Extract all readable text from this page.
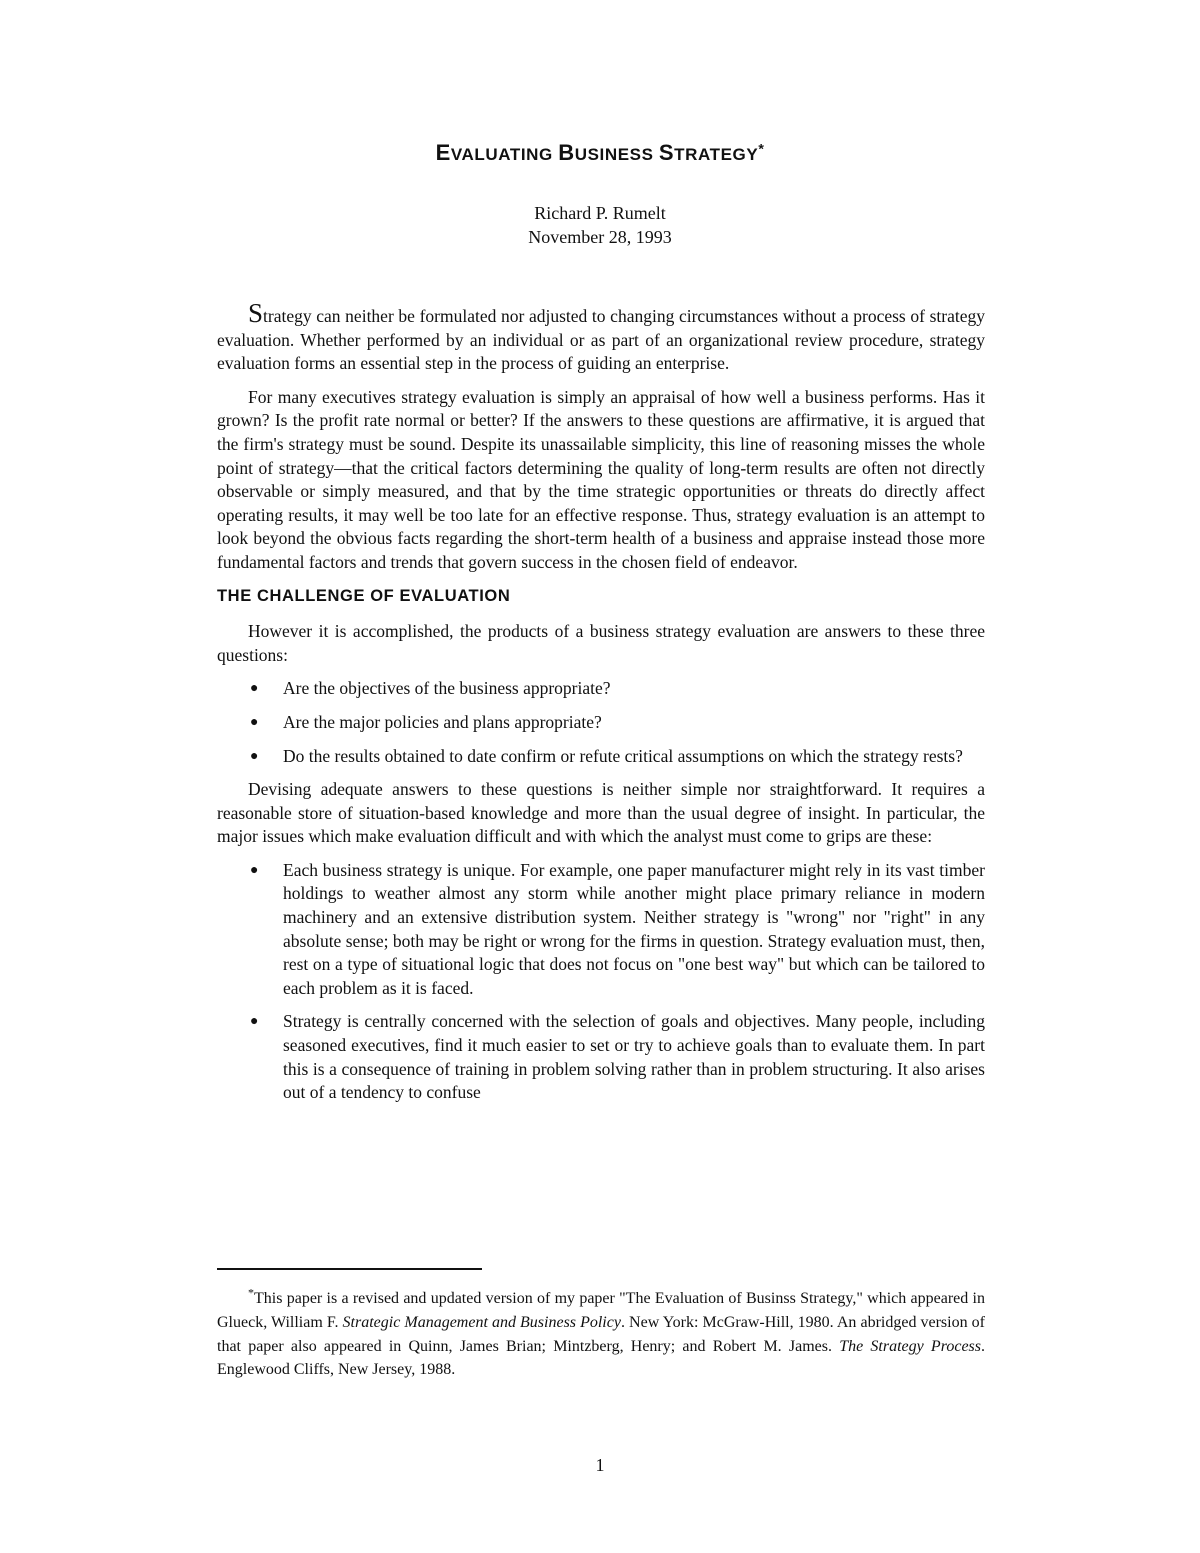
EVALUATING BUSINESS STRATEGY*

Richard P. Rumelt

November 28, 1993

Strategy can neither be formulated nor adjusted to changing circumstances without a process of strategy evaluation. Whether performed by an individual or as part of an organizational review procedure, strategy evaluation forms an essential step in the process of guiding an enterprise.

For many executives strategy evaluation is simply an appraisal of how well a business performs. Has it grown? Is the profit rate normal or better? If the answers to these questions are affirmative, it is argued that the firm's strategy must be sound. Despite its unassailable simplicity, this line of reasoning misses the whole point of strategy—that the critical factors determining the quality of long-term results are often not directly observable or simply measured, and that by the time strategic opportunities or threats do directly affect operating results, it may well be too late for an effective response. Thus, strategy evaluation is an attempt to look beyond the obvious facts regarding the short-term health of a business and appraise instead those more fundamental factors and trends that govern success in the chosen field of endeavor.

THE CHALLENGE OF EVALUATION

However it is accomplished, the products of a business strategy evaluation are answers to these three questions:

● Are the objectives of the business appropriate?
● Are the major policies and plans appropriate?
● Do the results obtained to date confirm or refute critical assumptions on which the strategy rests?

Devising adequate answers to these questions is neither simple nor straightforward. It requires a reasonable store of situation-based knowledge and more than the usual degree of insight. In particular, the major issues which make evaluation difficult and with which the analyst must come to grips are these:

● Each business strategy is unique. For example, one paper manufacturer might rely in its vast timber holdings to weather almost any storm while another might place primary reliance in modern machinery and an extensive distribution system. Neither strategy is "wrong" nor "right" in any absolute sense; both may be right or wrong for the firms in question. Strategy evaluation must, then, rest on a type of situational logic that does not focus on "one best way" but which can be tailored to each problem as it is faced.
● Strategy is centrally concerned with the selection of goals and objectives. Many people, including seasoned executives, find it much easier to set or try to achieve goals than to evaluate them. In part this is a consequence of training in problem solving rather than in problem structuring. It also arises out of a tendency to confuse

*This paper is a revised and updated version of my paper "The Evaluation of Businss Strategy," which appeared in Glueck, William F. Strategic Management and Business Policy. New York: McGraw-Hill, 1980. An abridged version of that paper also appeared in Quinn, James Brian; Mintzberg, Henry; and Robert M. James. The Strategy Process. Englewood Cliffs, New Jersey, 1988.

1
